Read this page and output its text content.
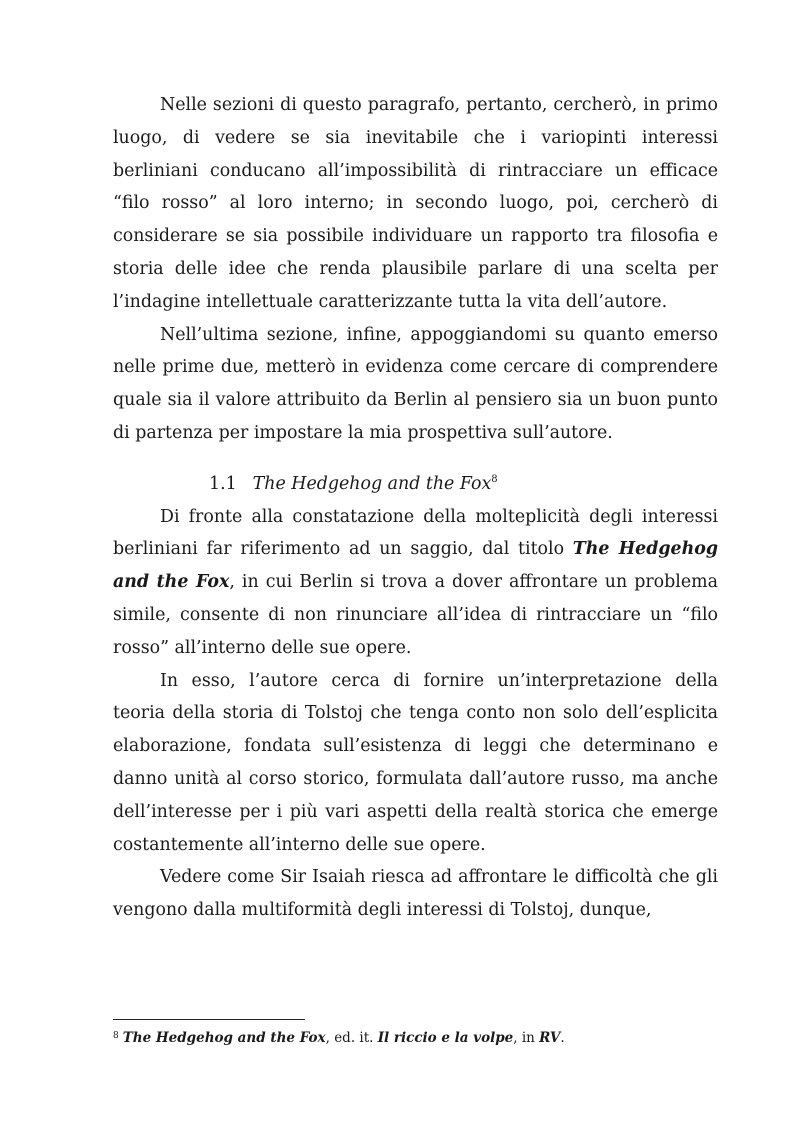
Nelle sezioni di questo paragrafo, pertanto, cercherò, in primo luogo, di vedere se sia inevitabile che i variopinti interessi berliniani conducano all’impossibilità di rintracciare un efficace “filo rosso” al loro interno; in secondo luogo, poi, cercherò di considerare se sia possibile individuare un rapporto tra filosofia e storia delle idee che renda plausibile parlare di una scelta per l’indagine intellettuale caratterizzante tutta la vita dell’autore.

Nell’ultima sezione, infine, appoggiandomi su quanto emerso nelle prime due, metterò in evidenza come cercare di comprendere quale sia il valore attribuito da Berlin al pensiero sia un buon punto di partenza per impostare la mia prospettiva sull’autore.

1.1 The Hedgehog and the Fox$^8$

Di fronte alla constatazione della molteplicità degli interessi berliniani far riferimento ad un saggio, dal titolo The Hedgehog and the Fox, in cui Berlin si trova a dover affrontare un problema simile, consente di non rinunciare all’idea di rintracciare un “filo rosso” all’interno delle sue opere.

In esso, l’autore cerca di fornire un’interpretazione della teoria della storia di Tolstoj che tenga conto non solo dell’esplicita elaborazione, fondata sull’esistenza di leggi che determinano e danno unità al corso storico, formulata dall’autore russo, ma anche dell’interesse per i più vari aspetti della realtà storica che emerge costantemente all’interno delle sue opere.

Vedere come Sir Isaiah riesca ad affrontare le difficoltà che gli vengono dalla multiformità degli interessi di Tolstoj, dunque,

$^8$ The Hedgehog and the Fox, ed. it. Il riccio e la volpe, in RV.
